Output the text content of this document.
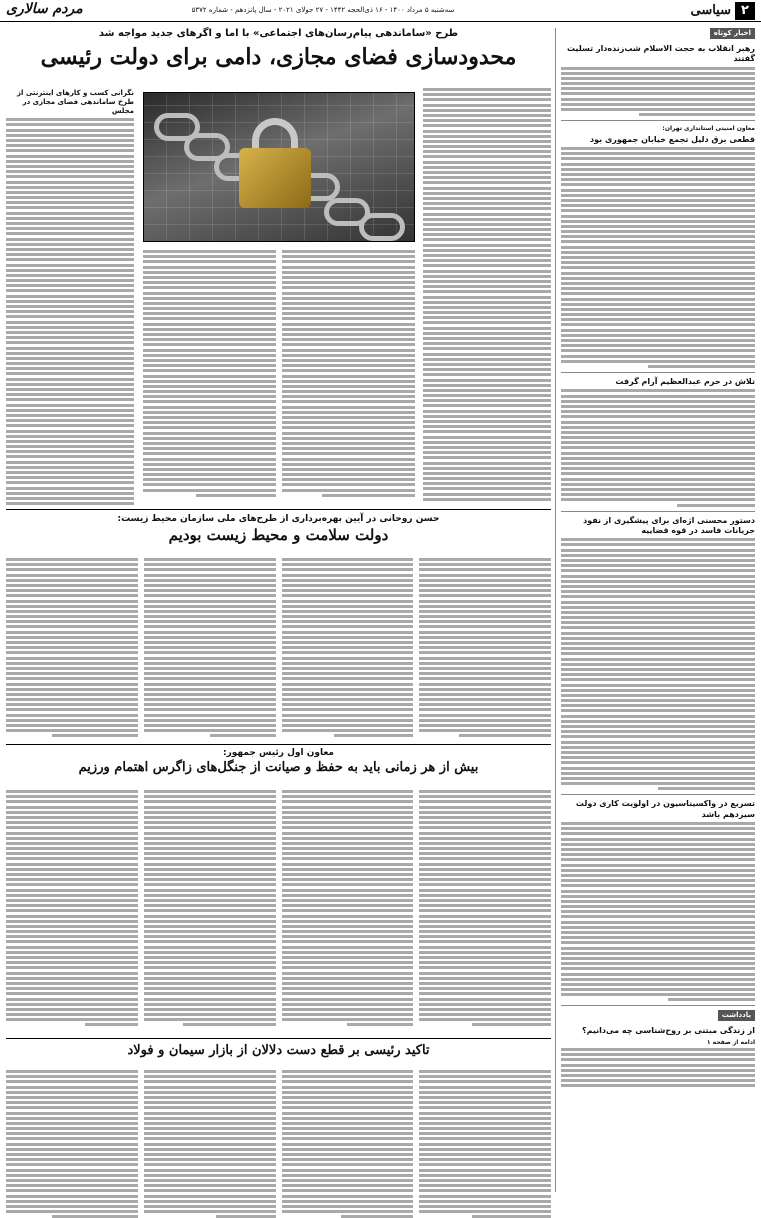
۲
سیاسی
سه‌شنبه ۵ مرداد ۱۴۰۰ - ۱۶ ذی‌الحجه ۱۴۴۲ - ۲۷ جولای ۲۰۲۱ - سال پانزدهم - شماره ۵۳۷۲
مردم سالاری
اخبار کوتاه
رهبر انقلاب به حجت الاسلام شب‌زنده‌دار تسلیت گفتند
معاون امنیتی استانداری تهران:
قطعی برق دلیل تجمع خیابان جمهوری بود
تلاش در حرم عبدالعظیم آرام گرفت
دستور محسنی اژه‌ای برای پیشگیری از نفوذ جریانات فاسد در قوه قضاییه
تسریع در واکسیناسیون در اولویت کاری دولت سیزدهم باشد
یادداشت
از زندگی مبتنی بر روح‌شناسی چه می‌دانیم؟
ادامه از صفحه ۱
طرح «ساماندهی پیام‌رسان‌های اجتماعی» با اما و اگرهای جدید مواجه شد
محدودسازی فضای مجازی، دامی برای دولت رئیسی
نگرانی کسب و کارهای اینترنتی از طرح ساماندهی فضای مجازی در مجلس
حسن روحانی در آیین بهره‌برداری از طرح‌های ملی سازمان محیط زیست:
دولت سلامت و محیط زیست بودیم
معاون اول رئیس جمهور:
بیش از هر زمانی باید به حفظ و صیانت از جنگل‌های زاگرس اهتمام ورزیم
تاکید رئیسی بر قطع دست دلالان از بازار سیمان و فولاد
